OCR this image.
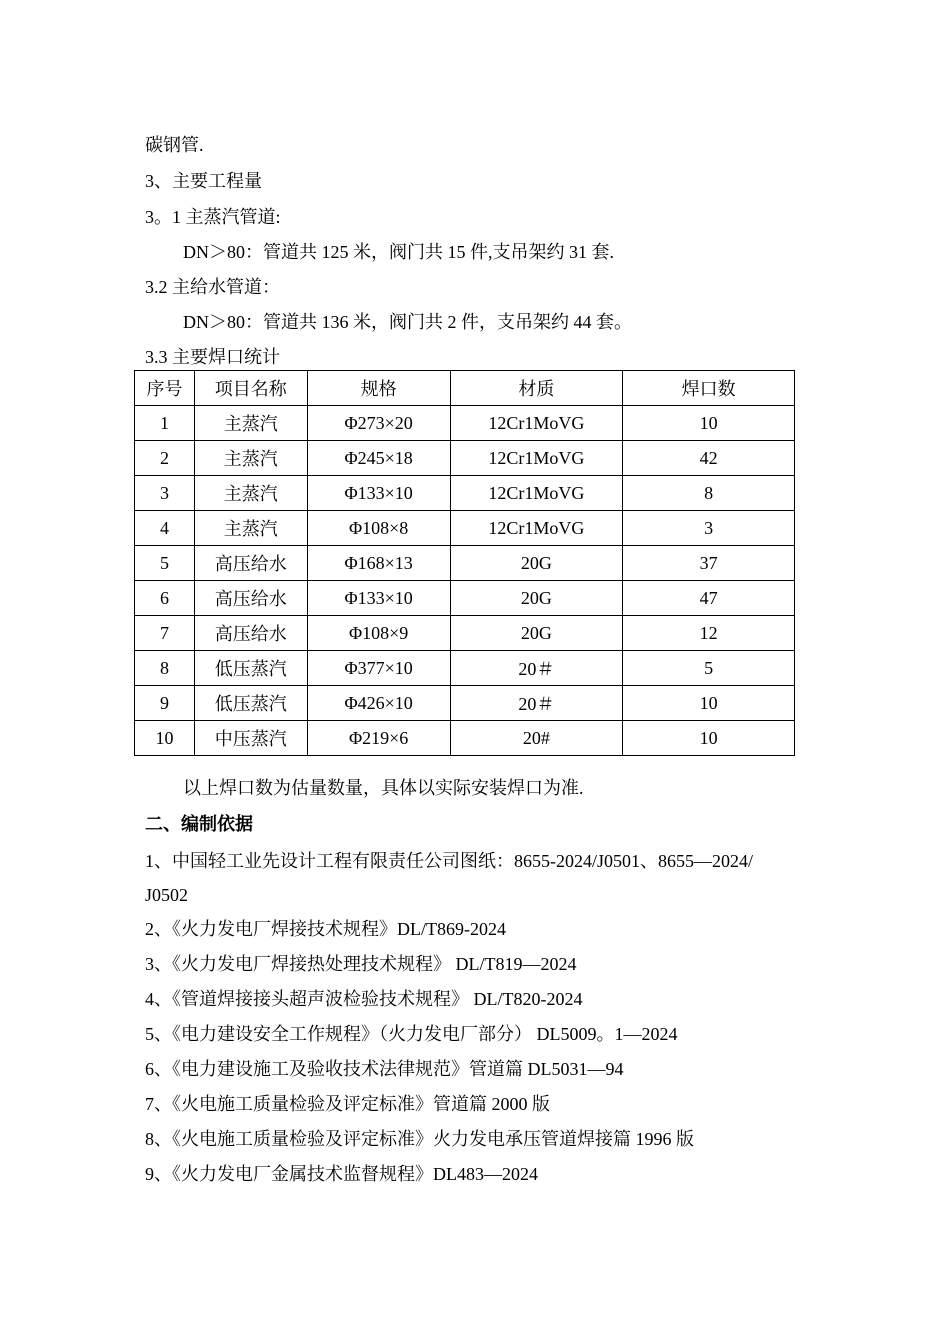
碳钢管.
3、主要工程量
3。1 主蒸汽管道:
DN＞80：管道共 125 米，阀门共 15 件,支吊架约 31 套.
3.2 主给水管道：
DN＞80：管道共 136 米，阀门共 2 件，支吊架约 44 套。
3.3 主要焊口统计
序号	项目名称	规格	材质	焊口数
1	主蒸汽	Φ273×20	12Cr1MoVG	10
2	主蒸汽	Φ245×18	12Cr1MoVG	42
3	主蒸汽	Φ133×10	12Cr1MoVG	8
4	主蒸汽	Φ108×8	12Cr1MoVG	3
5	高压给水	Φ168×13	20G	37
6	高压给水	Φ133×10	20G	47
7	高压给水	Φ108×9	20G	12
8	低压蒸汽	Φ377×10	20＃	5
9	低压蒸汽	Φ426×10	20＃	10
10	中压蒸汽	Φ219×6	20#	10
以上焊口数为估量数量，具体以实际安装焊口为准.
二、编制依据
1、中国轻工业先设计工程有限责任公司图纸：8655-2024/J0501、8655—2024/
J0502
2、《火力发电厂焊接技术规程》DL/T869-2024
3、《火力发电厂焊接热处理技术规程》 DL/T819—2024
4、《管道焊接接头超声波检验技术规程》 DL/T820-2024
5、《电力建设安全工作规程》（火力发电厂部分） DL5009。1—2024
6、《电力建设施工及验收技术法律规范》管道篇 DL5031—94
7、《火电施工质量检验及评定标准》管道篇 2000 版
8、《火电施工质量检验及评定标准》火力发电承压管道焊接篇 1996 版
9、《火力发电厂金属技术监督规程》DL483—2024
